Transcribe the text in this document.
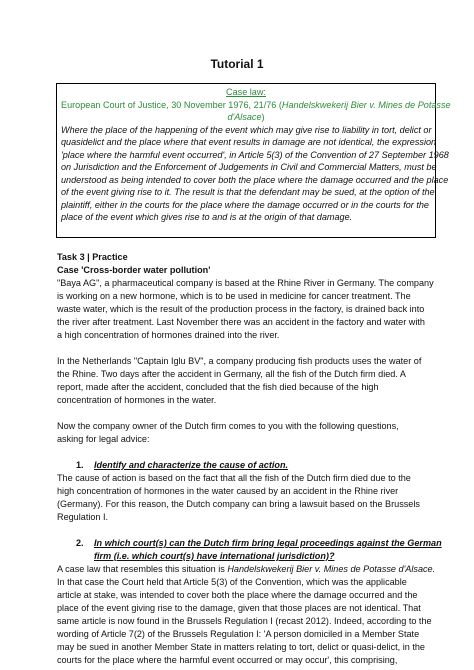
Tutorial 1
Case law:
European Court of Justice, 30 November 1976, 21/76 (Handelskwekerij Bier v. Mines de Potasse
d'Alsace)
Where the place of the happening of the event which may give rise to liability in tort, delict or
quasidelict and the place where that event results in damage are not identical, the expression
'place where the harmful event occurred', in Article 5(3) of the Convention of 27 September 1968
on Jurisdiction and the Enforcement of Judgements in Civil and Commercial Matters, must be
understood as being intended to cover both the place where the damage occurred and the place
of the event giving rise to it. The result is that the defendant may be sued, at the option of the
plaintiff, either in the courts for the place where the damage occurred or in the courts for the
place of the event which gives rise to and is at the origin of that damage.
Task 3 | Practice
Case 'Cross-border water pollution'
"Baya AG", a pharmaceutical company is based at the Rhine River in Germany. The company
is working on a new hormone, which is to be used in medicine for cancer treatment. The
waste water, which is the result of the production process in the factory, is drained back into
the river after treatment. Last November there was an accident in the factory and water with
a high concentration of hormones drained into the river.
In the Netherlands "Captain Iglu BV", a company producing fish products uses the water of
the Rhine. Two days after the accident in Germany, all the fish of the Dutch firm died. A
report, made after the accident, concluded that the fish died because of the high
concentration of hormones in the water.
Now the company owner of the Dutch firm comes to you with the following questions,
asking for legal advice:
1. Identify and characterize the cause of action.
The cause of action is based on the fact that all the fish of the Dutch firm died due to the
high concentration of hormones in the water caused by an accident in the Rhine river
(Germany). For this reason, the Dutch company can bring a lawsuit based on the Brussels
Regulation I.
2. In which court(s) can the Dutch firm bring legal proceedings against the German
firm (i.e. which court(s) have international jurisdiction)?
A case law that resembles this situation is Handelskwekerij Bier v. Mines de Potasse d'Alsace.
In that case the Court held that Article 5(3) of the Convention, which was the applicable
article at stake, was intended to cover both the place where the damage occurred and the
place of the event giving rise to the damage, given that those places are not identical. That
same article is now found in the Brussels Regulation I (recast 2012). Indeed, according to the
wording of Article 7(2) of the Brussels Regulation I: 'A person domiciled in a Member State
may be sued in another Member State in matters relating to tort, delict or quasi-delict, in the
courts for the place where the harmful event occurred or may occur', this comprising,
